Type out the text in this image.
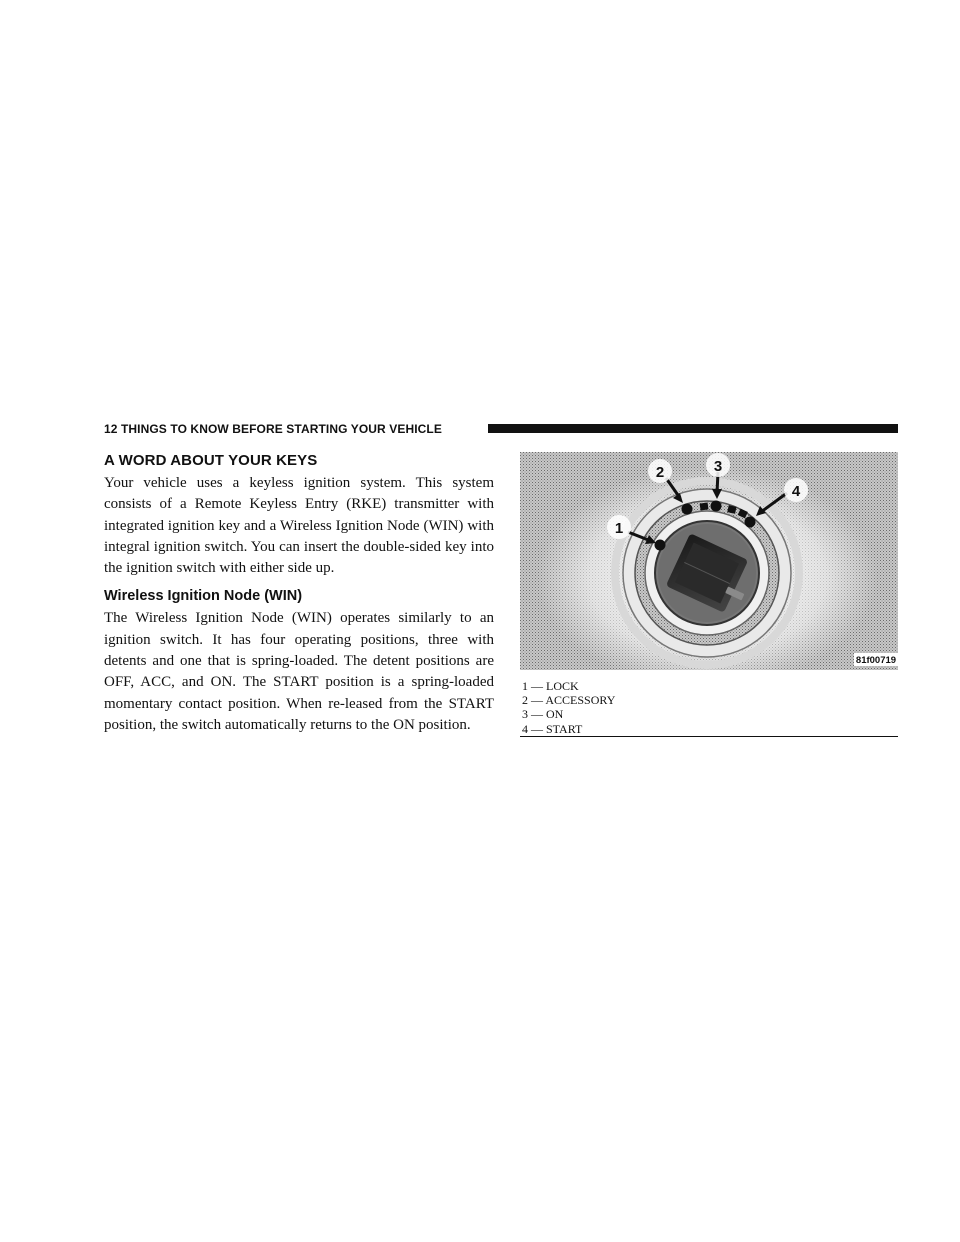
12 THINGS TO KNOW BEFORE STARTING YOUR VEHICLE
A WORD ABOUT YOUR KEYS

Your vehicle uses a keyless ignition system. This system consists of a Remote Keyless Entry (RKE) transmitter with integrated ignition key and a Wireless Ignition Node (WIN) with integral ignition switch. You can insert the double-sided key into the ignition switch with either side up.

Wireless Ignition Node (WIN)

The Wireless Ignition Node (WIN) operates similarly to an ignition switch. It has four operating positions, three with detents and one that is spring-loaded. The detent positions are OFF, ACC, and ON. The START position is a spring-loaded momentary contact position. When re-leased from the START position, the switch automatically returns to the ON position.

1
2	3
4
81f00719
1 — LOCK
2 — ACCESSORY
3 — ON
4 — START
